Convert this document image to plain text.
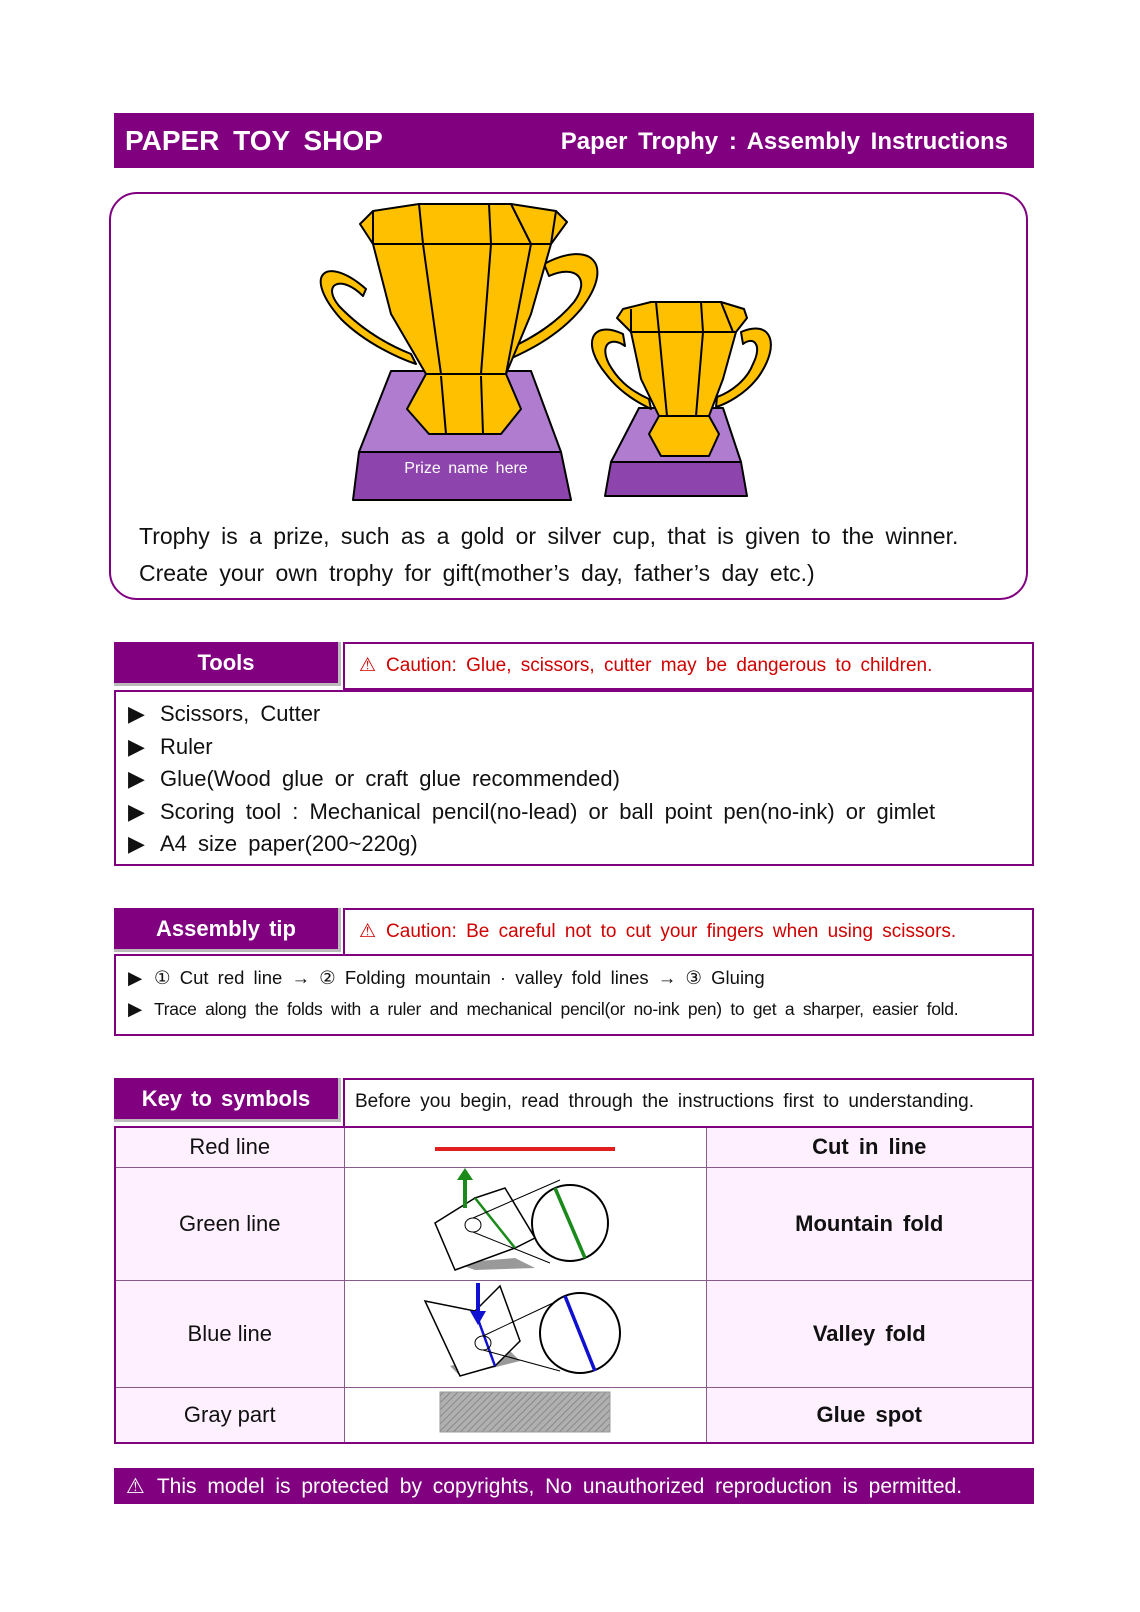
PAPER TOY SHOP	Paper Trophy : Assembly Instructions
Prize name here
Trophy is a prize, such as a gold or silver cup, that is given to the winner.
Create your own trophy for gift(mother’s day, father’s day etc.)
Tools	⚠ Caution: Glue, scissors, cutter may be dangerous to children.
▶ Scissors, Cutter
▶ Ruler
▶ Glue(Wood glue or craft glue recommended)
▶ Scoring tool : Mechanical pencil(no-lead) or ball point pen(no-ink) or gimlet
▶ A4 size paper(200~220g)
Assembly tip	⚠ Caution: Be careful not to cut your fingers when using scissors.
▶ ① Cut red line → ② Folding mountain · valley fold lines → ③ Gluing
▶ Trace along the folds with a ruler and mechanical pencil(or no-ink pen) to get a sharper, easier fold.
Key to symbols	Before you begin, read through the instructions first to understanding.
Red line		Cut in line
Green line		Mountain fold
Blue line		Valley fold
Gray part		Glue spot
⚠ This model is protected by copyrights, No unauthorized reproduction is permitted.
